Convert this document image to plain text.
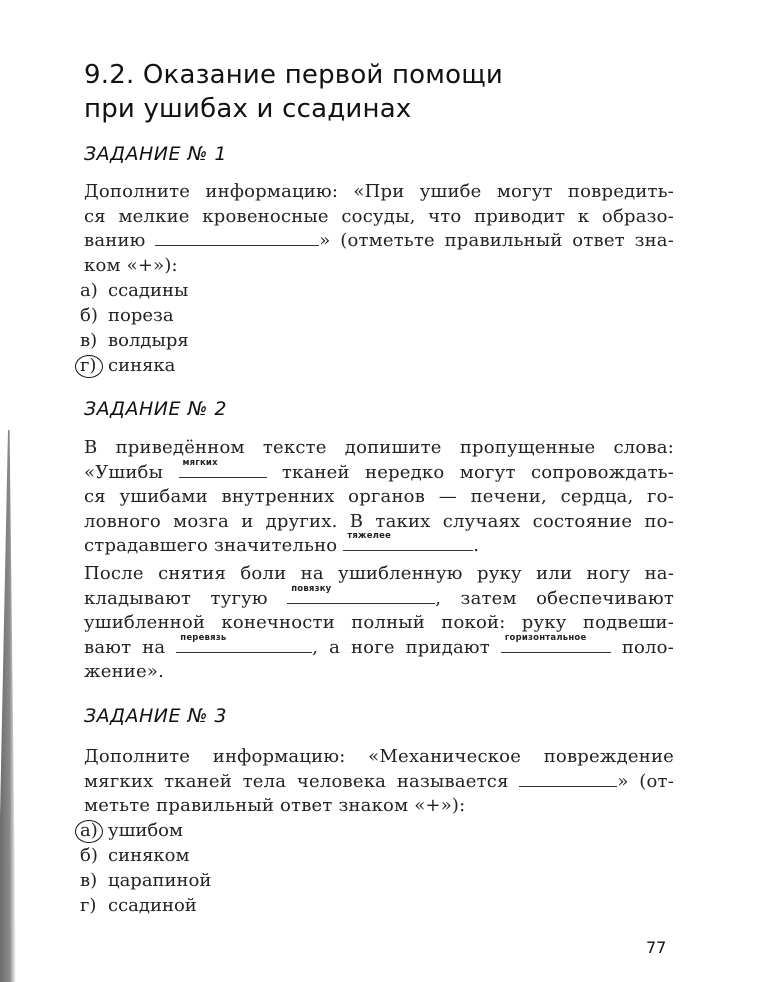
9.2. Оказание первой помощи
при ушибах и ссадинах
ЗАДАНИЕ № 1
Дополните информацию: «При ушибе могут повредить-
ся мелкие кровеносные сосуды, что приводит к образо-
ванию	» (отметьте правильный ответ зна-
ком «+»):
а) ссадины
б) пореза
в) волдыря
г) синяка
ЗАДАНИЕ № 2
В приведённом тексте допишите пропущенные слова:
«Ушибы мягких	тканей нередко могут сопровождать-
ся ушибами внутренних органов — печени, сердца, го-
ловного мозга и других. В таких случаях состояние по-
страдавшего значительно тяжелее	.
После снятия боли на ушибленную руку или ногу на-
кладывают тугую	повязку	, затем обеспечивают
ушибленной конечности полный покой: руку подвеши-
вают на перевязь	, а ноге придают горизонтальное поло-
жение».
ЗАДАНИЕ № 3
Дополните информацию: «Механическое повреждение
мягких тканей тела человека называется	» (от-
метьте правильный ответ знаком «+»):
а) ушибом
б) синяком
в) царапиной
г) ссадиной
77
